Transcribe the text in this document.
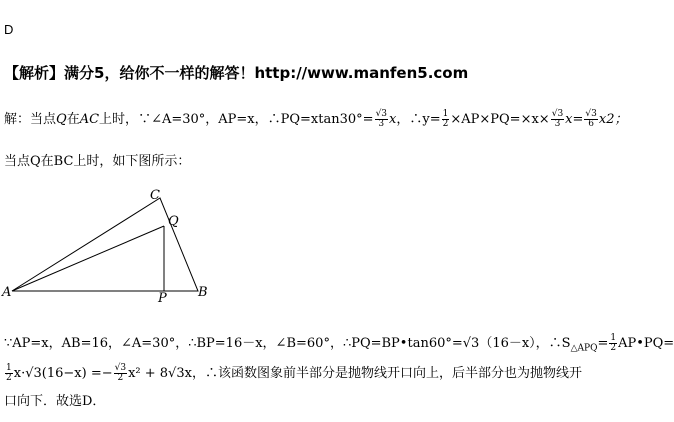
D
【解析】满分5，给你不一样的解答！http://www.manfen5.com
解：当点Q在AC上时，∵∠A=30°，AP=x，∴PQ=xtan30°= $\frac{√3}{3}$ x，∴y= $\frac{1}{2} \times AP\times PQ=\times x\times \frac{√3}{3} x= \frac{√3}{6} x2$；
当点Q在BC上时，如下图所示：
A	B
C
P
Q
∵AP=x，AB=16，∠A=30°，∴BP=16－x，∠B=60°，∴PQ=BP•tan60°=√3（16－x），$\therefore S_{\triangle APQ}= \frac{1}{2}$ AP•PQ=
$\frac{1}{2} x\cdot√3(16-x) =- \frac{√3}{2} x^2 + 8√3x$，∴该函数图象前半部分是抛物线开口向上，后半部分也为抛物线开
口向下．故选D．
